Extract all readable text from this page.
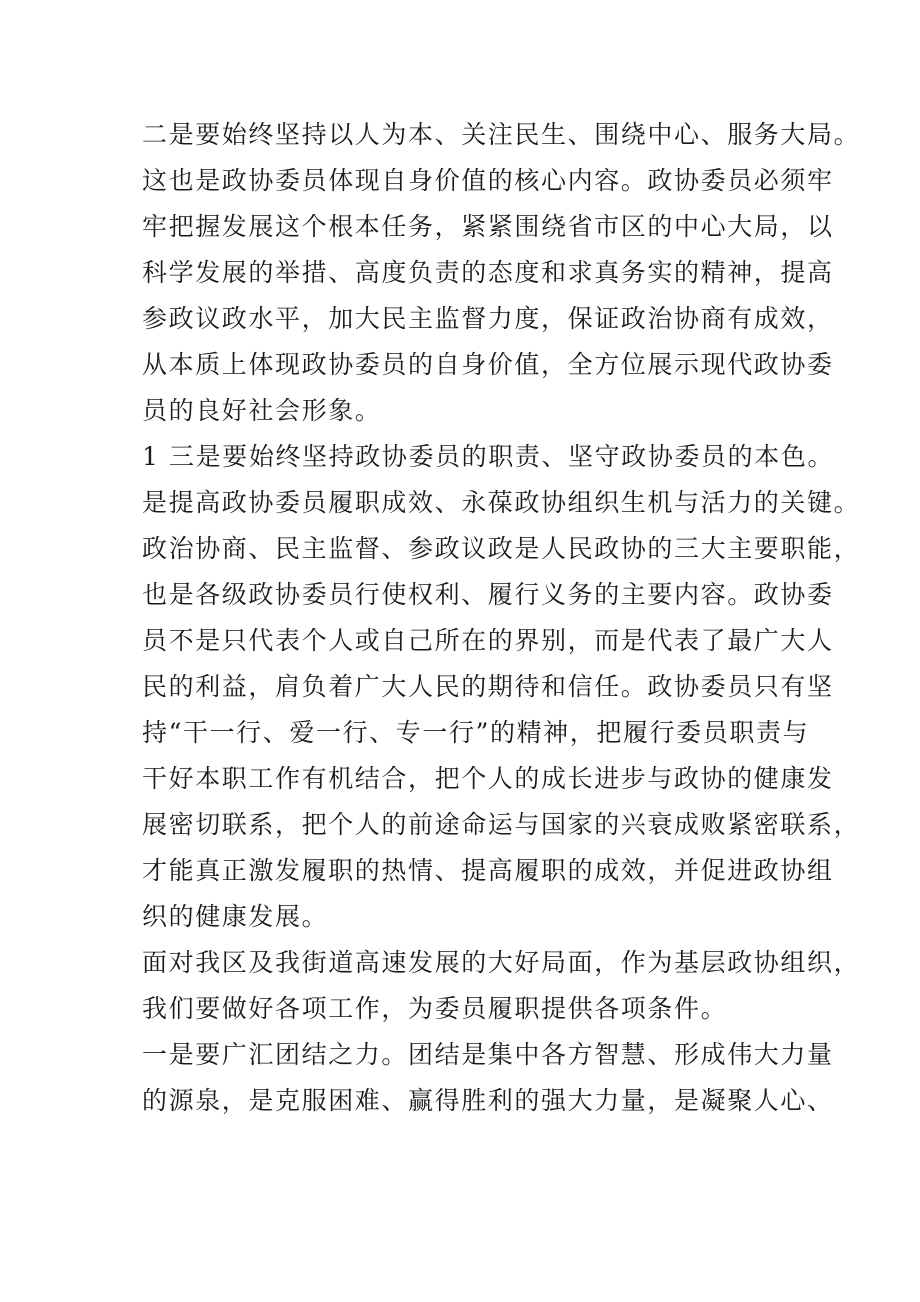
二是要始终坚持以人为本、关注民生、围绕中心、服务大局。
这也是政协委员体现自身价值的核心内容。政协委员必须牢
牢把握发展这个根本任务，紧紧围绕省市区的中心大局，以
科学发展的举措、高度负责的态度和求真务实的精神，提高
参政议政水平，加大民主监督力度，保证政治协商有成效，
从本质上体现政协委员的自身价值，全方位展示现代政协委
员的良好社会形象。
1 三是要始终坚持政协委员的职责、坚守政协委员的本色。
是提高政协委员履职成效、永葆政协组织生机与活力的关键。
政治协商、民主监督、参政议政是人民政协的三大主要职能，
也是各级政协委员行使权利、履行义务的主要内容。政协委
员不是只代表个人或自己所在的界别，而是代表了最广大人
民的利益，肩负着广大人民的期待和信任。政协委员只有坚
持“干一行、爱一行、专一行”的精神，把履行委员职责与
干好本职工作有机结合，把个人的成长进步与政协的健康发
展密切联系，把个人的前途命运与国家的兴衰成败紧密联系，
才能真正激发履职的热情、提高履职的成效，并促进政协组
织的健康发展。
面对我区及我街道高速发展的大好局面，作为基层政协组织，
我们要做好各项工作，为委员履职提供各项条件。
一是要广汇团结之力。团结是集中各方智慧、形成伟大力量
的源泉，是克服困难、赢得胜利的强大力量，是凝聚人心、
